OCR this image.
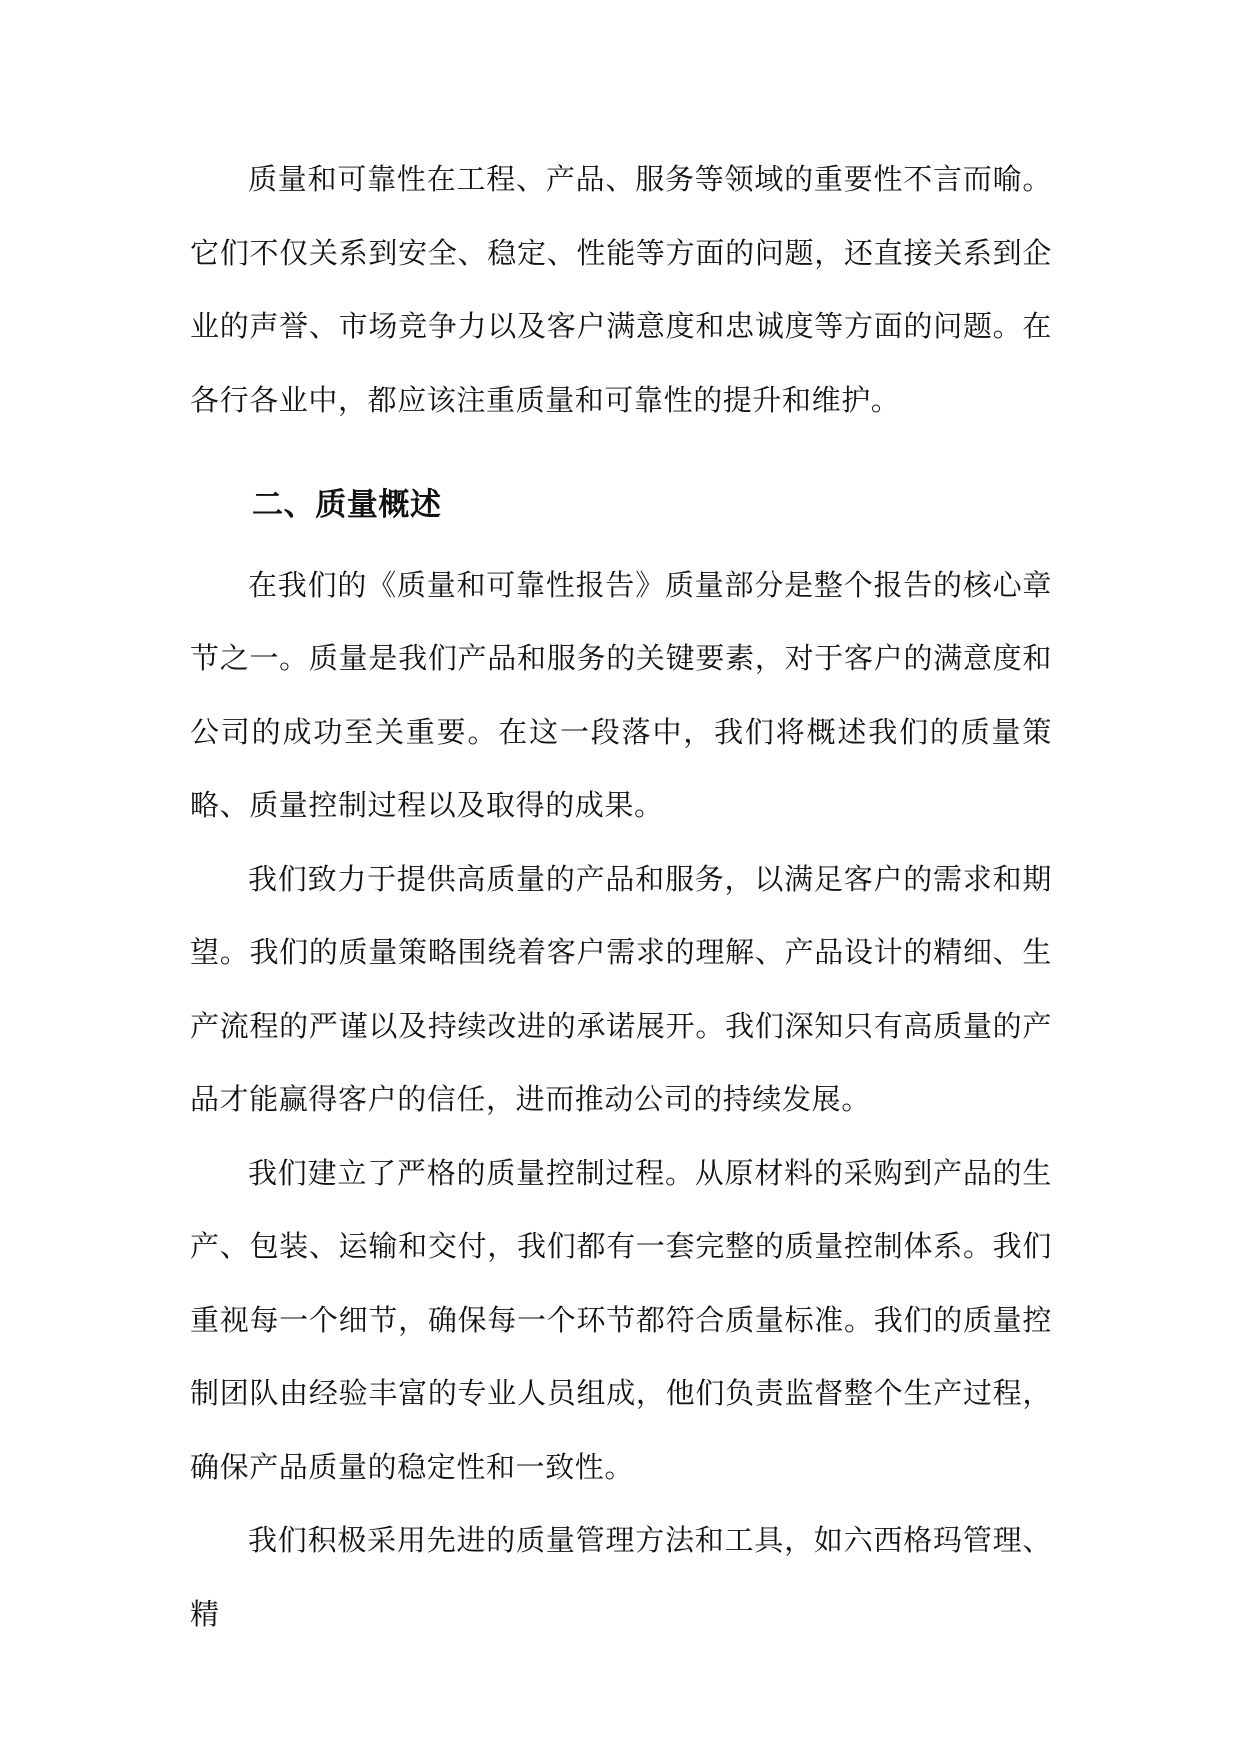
质量和可靠性在工程、产品、服务等领域的重要性不言而喻。它们不仅关系到安全、稳定、性能等方面的问题，还直接关系到企业的声誉、市场竞争力以及客户满意度和忠诚度等方面的问题。在各行各业中，都应该注重质量和可靠性的提升和维护。

二、质量概述

在我们的《质量和可靠性报告》质量部分是整个报告的核心章节之一。质量是我们产品和服务的关键要素，对于客户的满意度和公司的成功至关重要。在这一段落中，我们将概述我们的质量策略、质量控制过程以及取得的成果。

我们致力于提供高质量的产品和服务，以满足客户的需求和期望。我们的质量策略围绕着客户需求的理解、产品设计的精细、生产流程的严谨以及持续改进的承诺展开。我们深知只有高质量的产品才能赢得客户的信任，进而推动公司的持续发展。

我们建立了严格的质量控制过程。从原材料的采购到产品的生产、包装、运输和交付，我们都有一套完整的质量控制体系。我们重视每一个细节，确保每一个环节都符合质量标准。我们的质量控制团队由经验丰富的专业人员组成，他们负责监督整个生产过程，确保产品质量的稳定性和一致性。

我们积极采用先进的质量管理方法和工具，如六西格玛管理、精
